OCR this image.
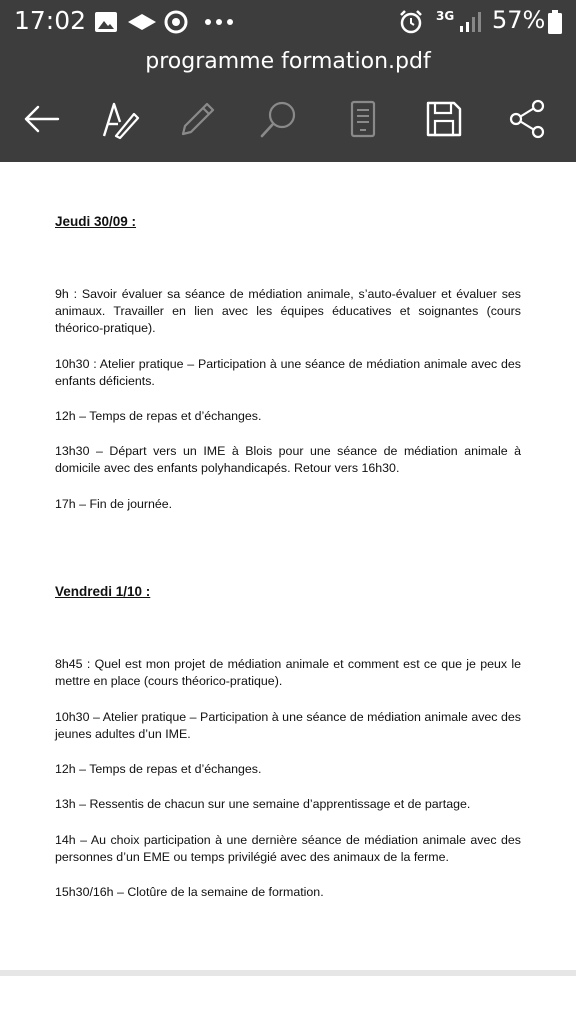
17:02	3G 57%
programme formation.pdf
Jeudi 30/09 :
9h : Savoir évaluer sa séance de médiation animale, s’auto-évaluer et évaluer ses animaux. Travailler en lien avec les équipes éducatives et soignantes (cours théorico-pratique).
10h30 : Atelier pratique – Participation à une séance de médiation animale avec des enfants déficients.
12h – Temps de repas et d’échanges.
13h30 – Départ vers un IME à Blois pour une séance de médiation animale à domicile avec des enfants polyhandicapés. Retour vers 16h30.
17h – Fin de journée.
Vendredi 1/10 :
8h45 : Quel est mon projet de médiation animale et comment est ce que je peux le mettre en place (cours théorico-pratique).
10h30 – Atelier pratique – Participation à une séance de médiation animale avec des jeunes adultes d’un IME.
12h – Temps de repas et d’échanges.
13h – Ressentis de chacun sur une semaine d’apprentissage et de partage.
14h – Au choix participation à une dernière séance de médiation animale avec des personnes d’un EME ou temps privilégié avec des animaux de la ferme.
15h30/16h – Clotûre de la semaine de formation.
